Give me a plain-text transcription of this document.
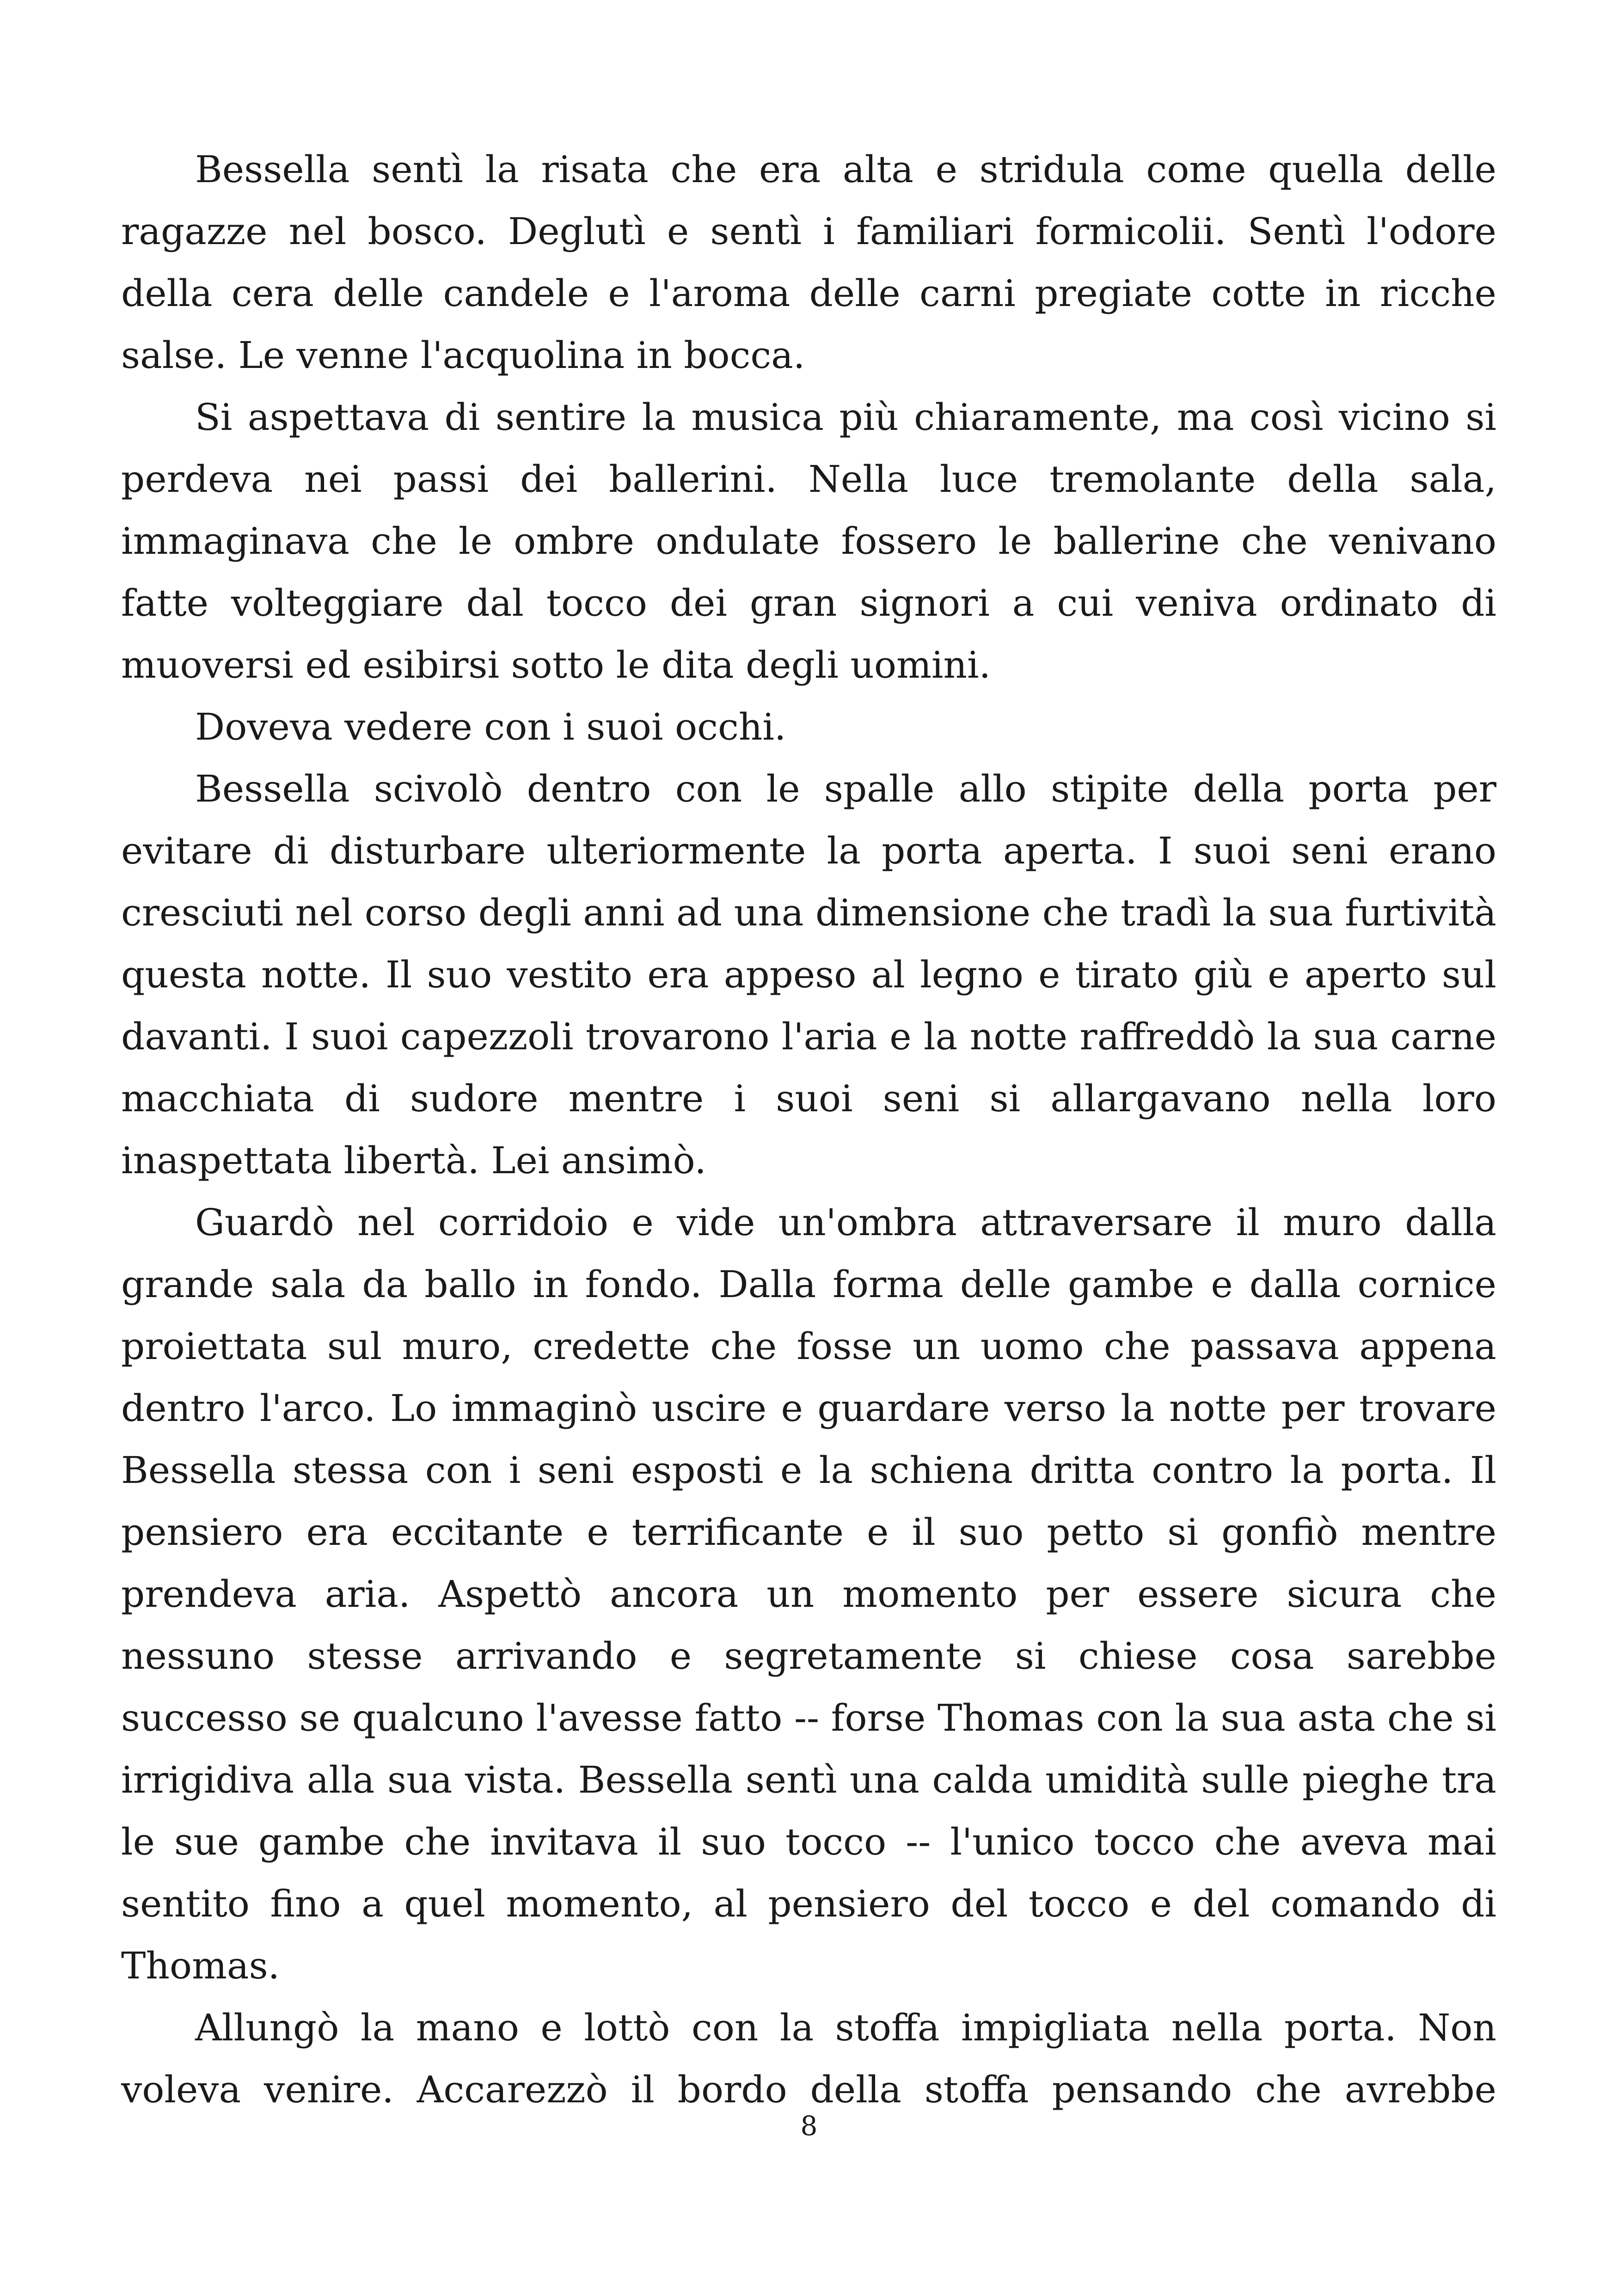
Bessella sentì la risata che era alta e stridula come quella delle ragazze nel bosco. Deglutì e sentì i familiari formicolii. Sentì l'odore della cera delle candele e l'aroma delle carni pregiate cotte in ricche salse. Le venne l'acquolina in bocca.

Si aspettava di sentire la musica più chiaramente, ma così vicino si perdeva nei passi dei ballerini. Nella luce tremolante della sala, immaginava che le ombre ondulate fossero le ballerine che venivano fatte volteggiare dal tocco dei gran signori a cui veniva ordinato di muoversi ed esibirsi sotto le dita degli uomini.

Doveva vedere con i suoi occhi.

Bessella scivolò dentro con le spalle allo stipite della porta per evitare di disturbare ulteriormente la porta aperta. I suoi seni erano cresciuti nel corso degli anni ad una dimensione che tradì la sua furtività questa notte. Il suo vestito era appeso al legno e tirato giù e aperto sul davanti. I suoi capezzoli trovarono l'aria e la notte raffreddò la sua carne macchiata di sudore mentre i suoi seni si allargavano nella loro inaspettata libertà. Lei ansimò.

Guardò nel corridoio e vide un'ombra attraversare il muro dalla grande sala da ballo in fondo. Dalla forma delle gambe e dalla cornice proiettata sul muro, credette che fosse un uomo che passava appena dentro l'arco. Lo immaginò uscire e guardare verso la notte per trovare Bessella stessa con i seni esposti e la schiena dritta contro la porta. Il pensiero era eccitante e terrificante e il suo petto si gonfiò mentre prendeva aria. Aspettò ancora un momento per essere sicura che nessuno stesse arrivando e segretamente si chiese cosa sarebbe successo se qualcuno l'avesse fatto -- forse Thomas con la sua asta che si irrigidiva alla sua vista. Bessella sentì una calda umidità sulle pieghe tra le sue gambe che invitava il suo tocco -- l'unico tocco che aveva mai sentito fino a quel momento, al pensiero del tocco e del comando di Thomas.

Allungò la mano e lottò con la stoffa impigliata nella porta. Non voleva venire. Accarezzò il bordo della stoffa pensando che avrebbe

8
